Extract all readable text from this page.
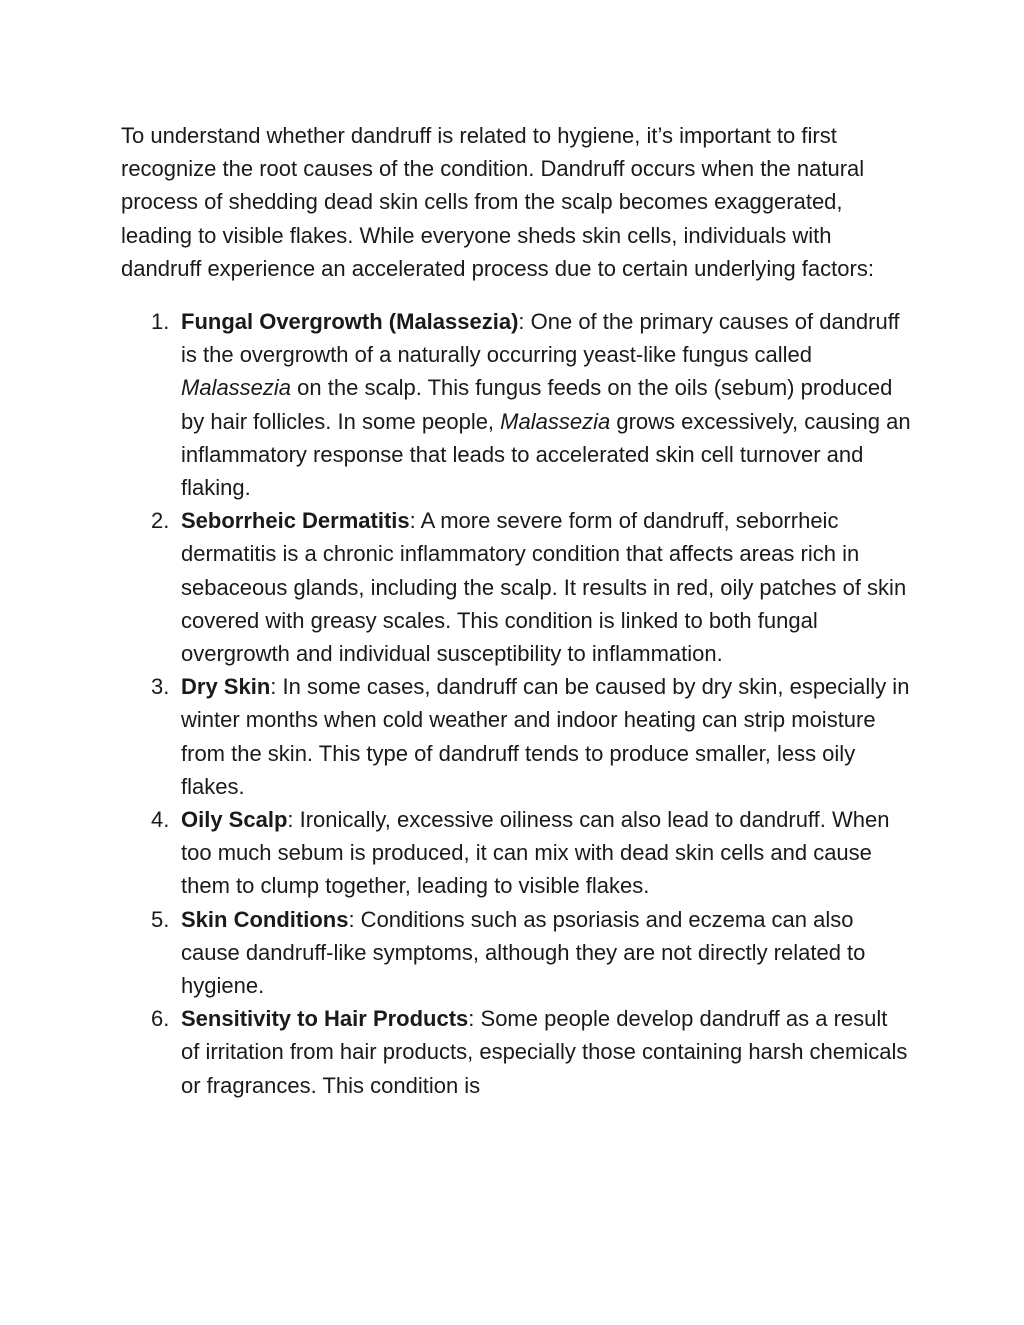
To understand whether dandruff is related to hygiene, it’s important to first recognize the root causes of the condition. Dandruff occurs when the natural process of shedding dead skin cells from the scalp becomes exaggerated, leading to visible flakes. While everyone sheds skin cells, individuals with dandruff experience an accelerated process due to certain underlying factors:

1. Fungal Overgrowth (Malassezia): One of the primary causes of dandruff is the overgrowth of a naturally occurring yeast-like fungus called Malassezia on the scalp. This fungus feeds on the oils (sebum) produced by hair follicles. In some people, Malassezia grows excessively, causing an inflammatory response that leads to accelerated skin cell turnover and flaking.
2. Seborrheic Dermatitis: A more severe form of dandruff, seborrheic dermatitis is a chronic inflammatory condition that affects areas rich in sebaceous glands, including the scalp. It results in red, oily patches of skin covered with greasy scales. This condition is linked to both fungal overgrowth and individual susceptibility to inflammation.
3. Dry Skin: In some cases, dandruff can be caused by dry skin, especially in winter months when cold weather and indoor heating can strip moisture from the skin. This type of dandruff tends to produce smaller, less oily flakes.
4. Oily Scalp: Ironically, excessive oiliness can also lead to dandruff. When too much sebum is produced, it can mix with dead skin cells and cause them to clump together, leading to visible flakes.
5. Skin Conditions: Conditions such as psoriasis and eczema can also cause dandruff-like symptoms, although they are not directly related to hygiene.
6. Sensitivity to Hair Products: Some people develop dandruff as a result of irritation from hair products, especially those containing harsh chemicals or fragrances. This condition is
